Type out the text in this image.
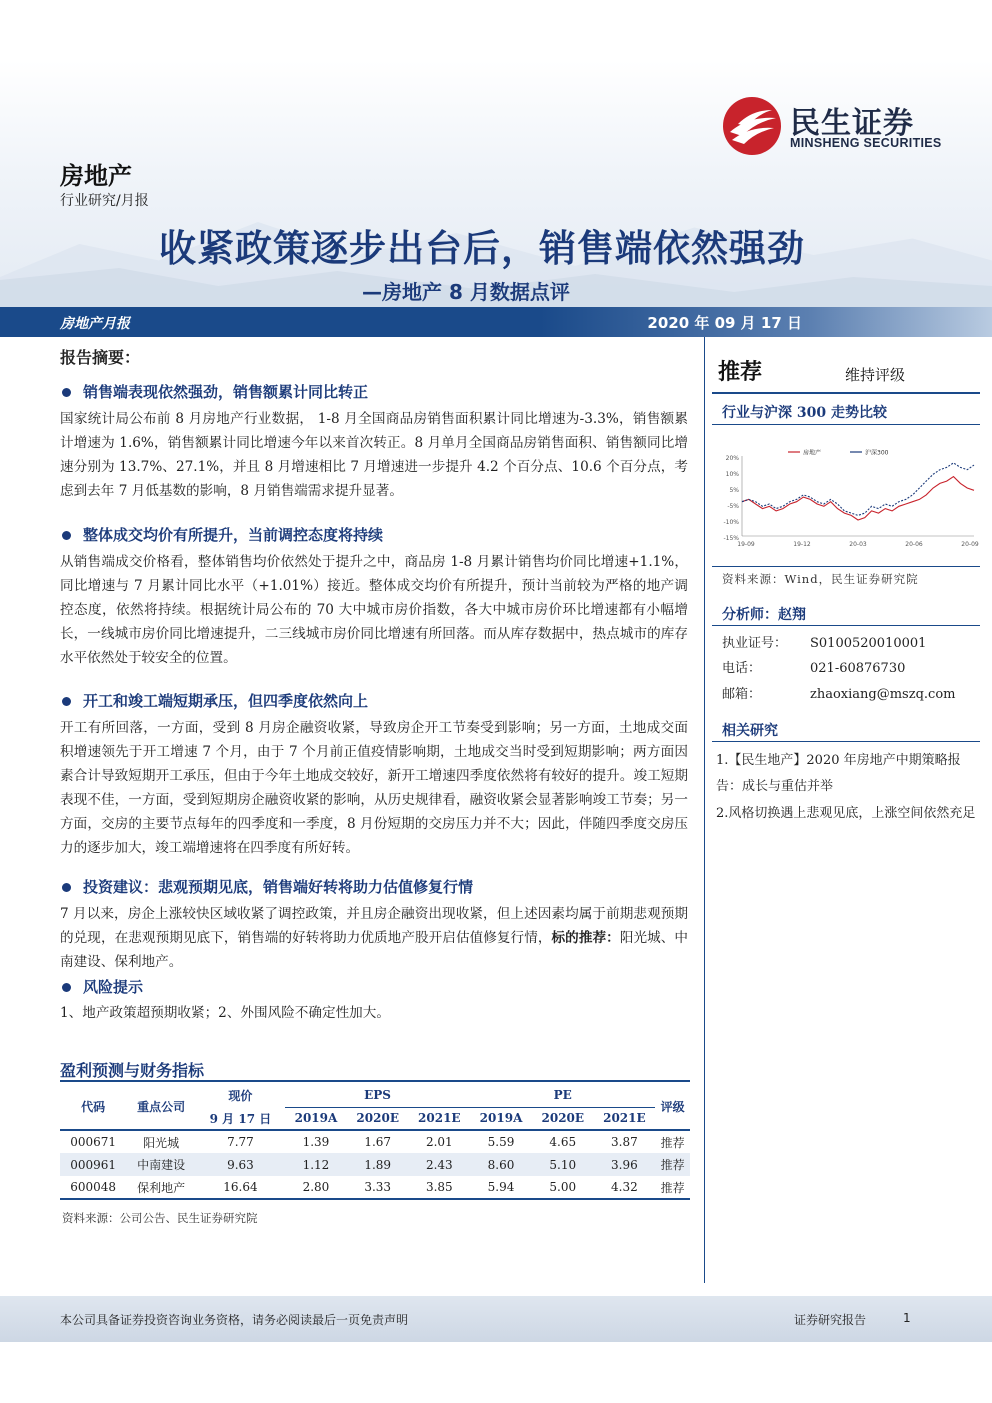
民生证券
MINSHENG SECURITIES
房地产
行业研究/月报
收紧政策逐步出台后，销售端依然强劲
—房地产 8 月数据点评
房地产月报	2020 年 09 月 17 日
报告摘要：
销售端表现依然强劲，销售额累计同比转正
国家统计局公布前 8 月房地产行业数据， 1-8 月全国商品房销售面积累计同比增速为-3.3%，销售额累计增速为 1.6%，销售额累计同比增速今年以来首次转正。8 月单月全国商品房销售面积、销售额同比增速分别为 13.7%、27.1%，并且 8 月增速相比 7 月增速进一步提升 4.2 个百分点、10.6 个百分点，考虑到去年 7 月低基数的影响，8 月销售端需求提升显著。
整体成交均价有所提升，当前调控态度将持续
从销售端成交价格看，整体销售均价依然处于提升之中，商品房 1-8 月累计销售均价同比增速+1.1%，同比增速与 7 月累计同比水平（+1.01%）接近。整体成交均价有所提升，预计当前较为严格的地产调控态度，依然将持续。根据统计局公布的 70 大中城市房价指数，各大中城市房价环比增速都有小幅增长，一线城市房价同比增速提升，二三线城市房价同比增速有所回落。而从库存数据中，热点城市的库存水平依然处于较安全的位置。
开工和竣工端短期承压，但四季度依然向上
开工有所回落，一方面，受到 8 月房企融资收紧，导致房企开工节奏受到影响；另一方面，土地成交面积增速领先于开工增速 7 个月，由于 7 个月前正值疫情影响期，土地成交当时受到短期影响；两方面因素合计导致短期开工承压，但由于今年土地成交较好，新开工增速四季度依然将有较好的提升。竣工短期表现不佳，一方面，受到短期房企融资收紧的影响，从历史规律看，融资收紧会显著影响竣工节奏；另一方面，交房的主要节点每年的四季度和一季度，8 月份短期的交房压力并不大；因此，伴随四季度交房压力的逐步加大，竣工端增速将在四季度有所好转。
投资建议：悲观预期见底，销售端好转将助力估值修复行情
7 月以来，房企上涨较快区域收紧了调控政策，并且房企融资出现收紧，但上述因素均属于前期悲观预期的兑现，在悲观预期见底下，销售端的好转将助力优质地产股开启估值修复行情，标的推荐：阳光城、中南建设、保利地产。
风险提示
1、地产政策超预期收紧；2、外围风险不确定性加大。
盈利预测与财务指标
代码	重点公司	现价	EPS			PE			评级
		9 月 17 日	2019A	2020E	2021E	2019A	2020E	2021E	
000671	阳光城	7.77	1.39	1.67	2.01	5.59	4.65	3.87	推荐
000961	中南建设	9.63	1.12	1.89	2.43	8.60	5.10	3.96	推荐
600048	保利地产	16.64	2.80	3.33	3.85	5.94	5.00	4.32	推荐
资料来源：公司公告、民生证券研究院
推荐	维持评级
行业与沪深 300 走势比较
20%
10%
5%
-5%
-10%
-15%
19-09	19-12	20-03	20-06	20-09
房地产	沪深300
资料来源：Wind，民生证券研究院
分析师：赵翔
执业证号： S0100520010001
电话：	021-60876730
邮箱：	zhaoxiang@mszq.com
相关研究
1.【民生地产】2020 年房地产中期策略报告：成长与重估并举
2.风格切换遇上悲观见底，上涨空间依然充足
本公司具备证券投资咨询业务资格，请务必阅读最后一页免责声明	证券研究报告	1
